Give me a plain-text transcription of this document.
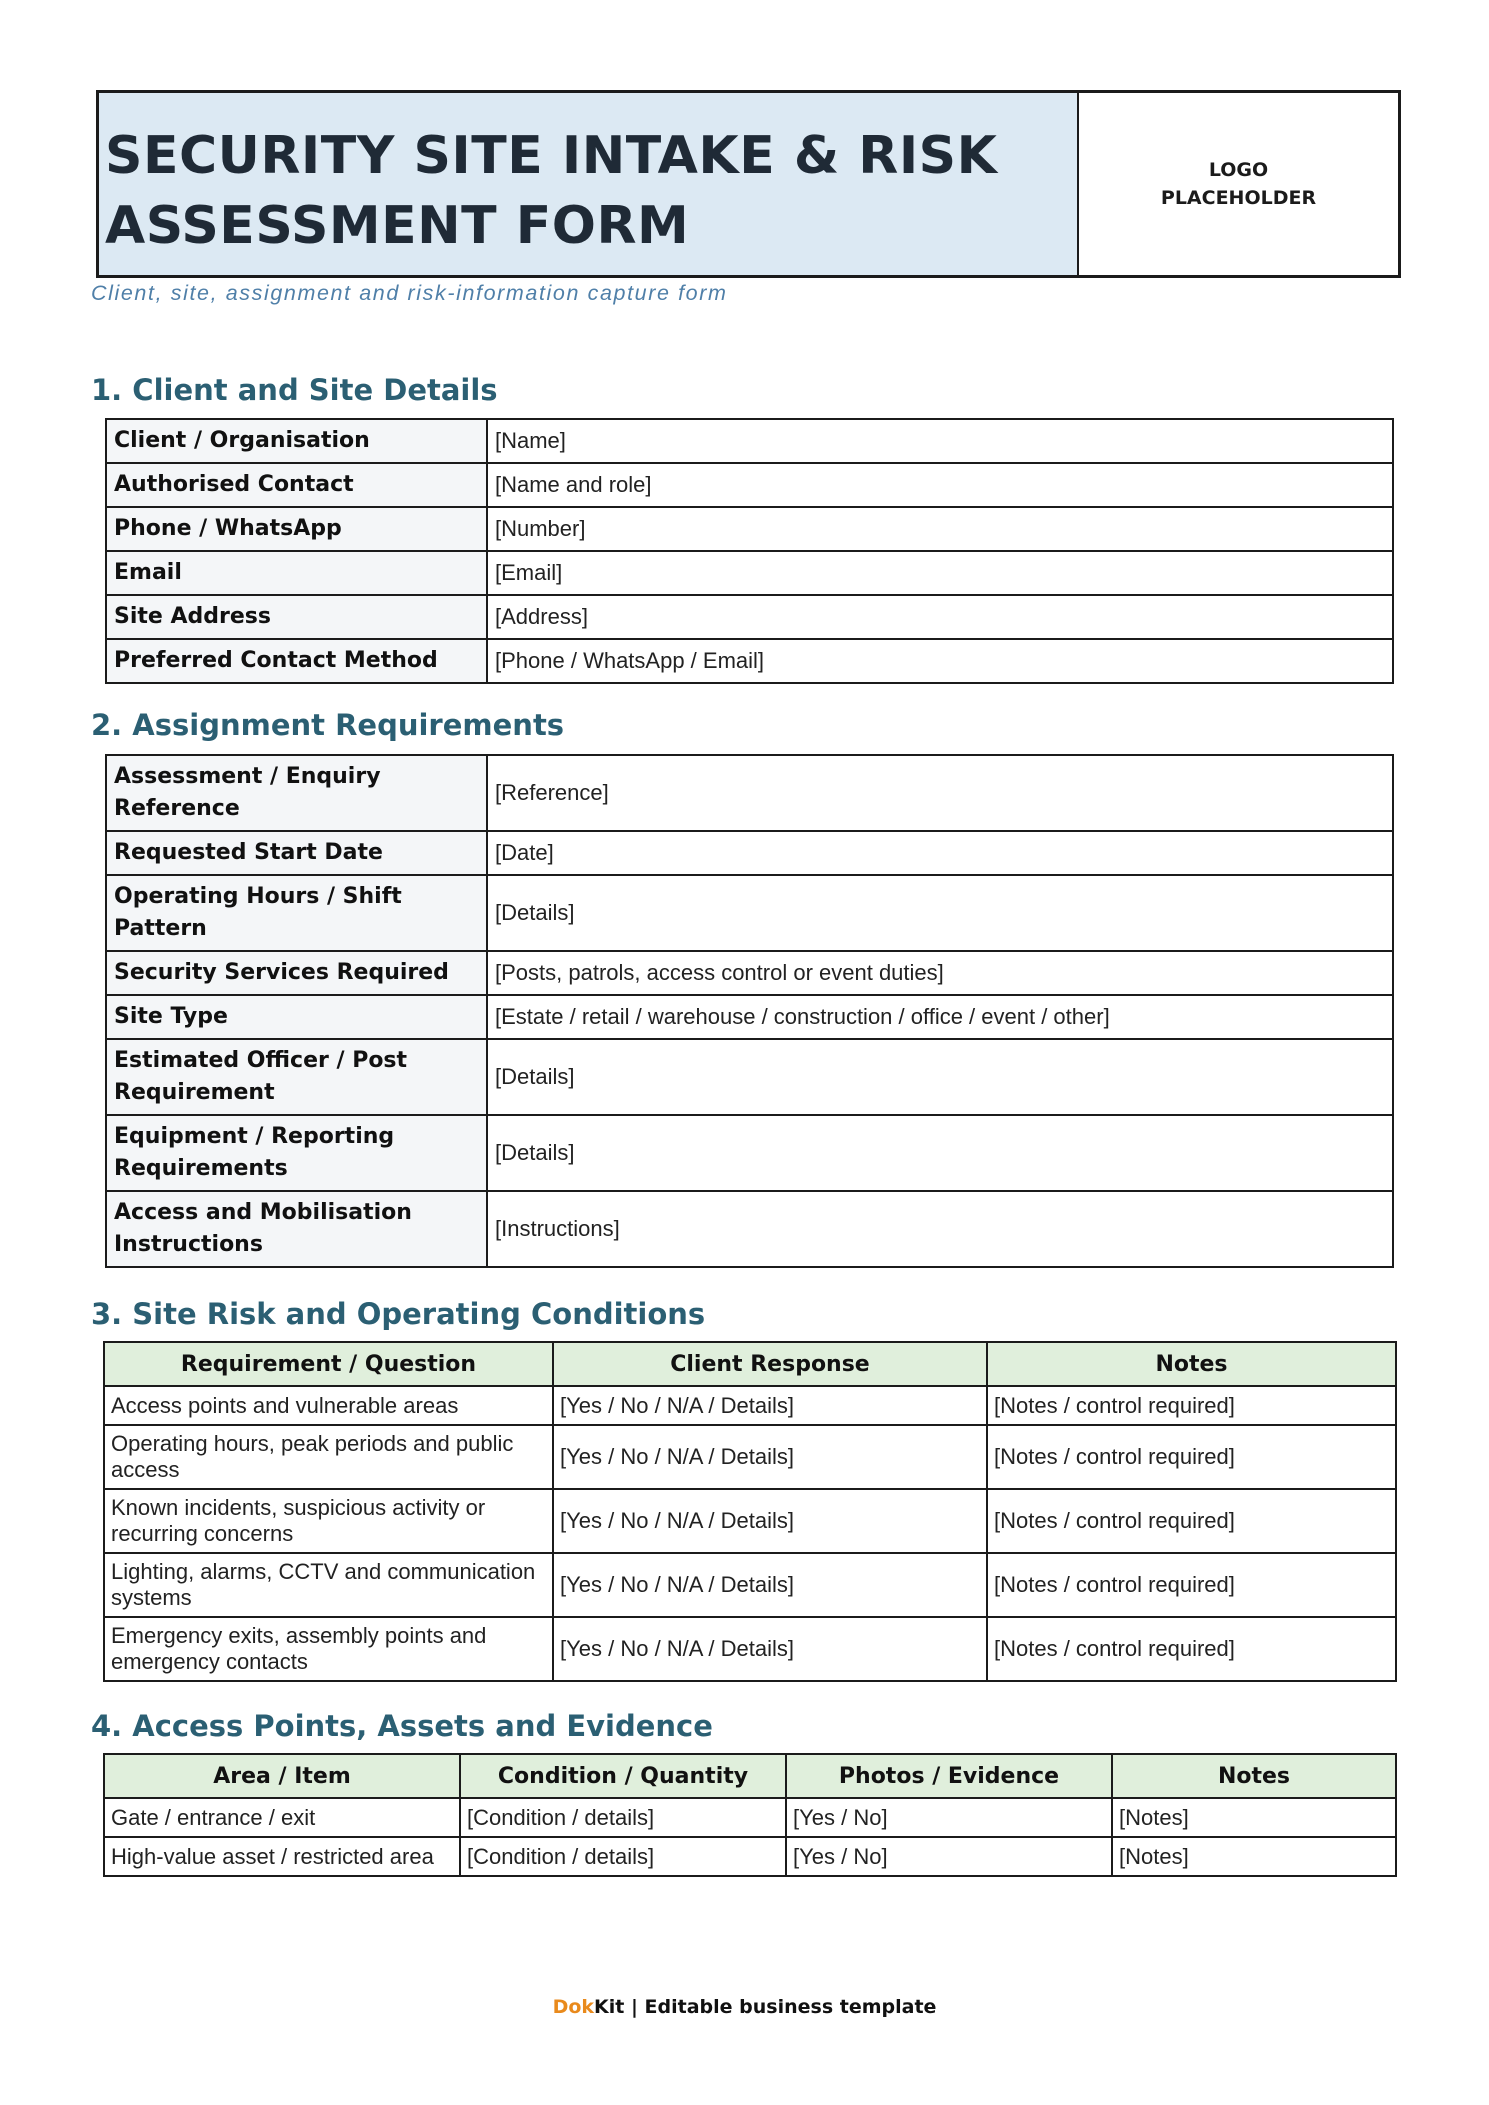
SECURITY SITE INTAKE & RISK
ASSESSMENT FORM
LOGO
PLACEHOLDER
Client, site, assignment and risk-information capture form
1. Client and Site Details
Client / Organisation	[Name]
Authorised Contact	[Name and role]
Phone / WhatsApp	[Number]
Email	[Email]
Site Address	[Address]
Preferred Contact Method	[Phone / WhatsApp / Email]
2. Assignment Requirements
Assessment / Enquiry Reference	[Reference]
Requested Start Date	[Date]
Operating Hours / Shift Pattern	[Details]
Security Services Required	[Posts, patrols, access control or event duties]
Site Type	[Estate / retail / warehouse / construction / office / event / other]
Estimated Officer / Post Requirement	[Details]
Equipment / Reporting Requirements	[Details]
Access and Mobilisation Instructions	[Instructions]
3. Site Risk and Operating Conditions
Requirement / Question	Client Response	Notes
Access points and vulnerable areas	[Yes / No / N/A / Details]	[Notes / control required]
Operating hours, peak periods and public access	[Yes / No / N/A / Details]	[Notes / control required]
Known incidents, suspicious activity or recurring concerns	[Yes / No / N/A / Details]	[Notes / control required]
Lighting, alarms, CCTV and communication systems	[Yes / No / N/A / Details]	[Notes / control required]
Emergency exits, assembly points and emergency contacts	[Yes / No / N/A / Details]	[Notes / control required]
4. Access Points, Assets and Evidence
Area / Item	Condition / Quantity	Photos / Evidence	Notes
Gate / entrance / exit	[Condition / details]	[Yes / No]	[Notes]
High-value asset / restricted area	[Condition / details]	[Yes / No]	[Notes]
DokKit | Editable business template
